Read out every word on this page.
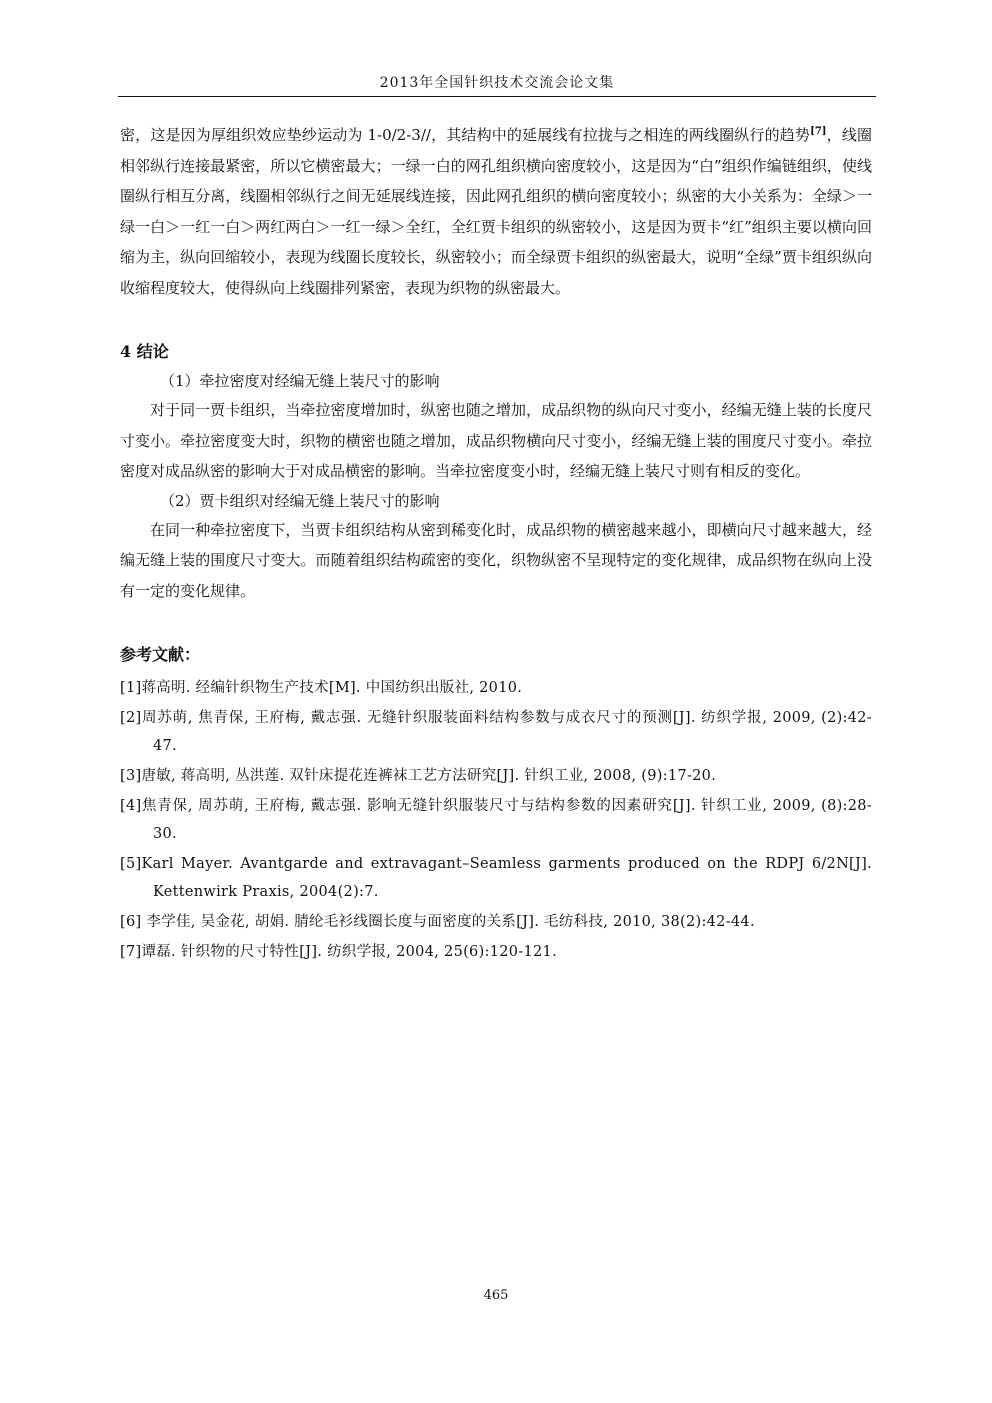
2013年全国针织技术交流会论文集

密，这是因为厚组织效应垫纱运动为 1-0/2-3//，其结构中的延展线有拉拢与之相连的两线圈纵行的趋势[7]，线圈相邻纵行连接最紧密，所以它横密最大；一绿一白的网孔组织横向密度较小，这是因为“白”组织作编链组织，使线圈纵行相互分离，线圈相邻纵行之间无延展线连接，因此网孔组织的横向密度较小；纵密的大小关系为：全绿＞一绿一白＞一红一白＞两红两白＞一红一绿＞全红，全红贾卡组织的纵密较小，这是因为贾卡“红”组织主要以横向回缩为主，纵向回缩较小，表现为线圈长度较长，纵密较小；而全绿贾卡组织的纵密最大，说明“全绿”贾卡组织纵向收缩程度较大，使得纵向上线圈排列紧密，表现为织物的纵密最大。

4 结论

（1）牵拉密度对经编无缝上装尺寸的影响

对于同一贾卡组织，当牵拉密度增加时，纵密也随之增加，成品织物的纵向尺寸变小，经编无缝上装的长度尺寸变小。牵拉密度变大时，织物的横密也随之增加，成品织物横向尺寸变小，经编无缝上装的围度尺寸变小。牵拉密度对成品纵密的影响大于对成品横密的影响。当牵拉密度变小时，经编无缝上装尺寸则有相反的变化。

（2）贾卡组织对经编无缝上装尺寸的影响

在同一种牵拉密度下，当贾卡组织结构从密到稀变化时，成品织物的横密越来越小，即横向尺寸越来越大，经编无缝上装的围度尺寸变大。而随着组织结构疏密的变化，织物纵密不呈现特定的变化规律，成品织物在纵向上没有一定的变化规律。

参考文献：

[1]蒋高明. 经编针织物生产技术[M]. 中国纺织出版社, 2010.

[2]周苏萌, 焦青保, 王府梅, 戴志强. 无缝针织服装面料结构参数与成衣尺寸的预测[J]. 纺织学报, 2009, (2):42-47.

[3]唐敏, 蒋高明, 丛洪莲. 双针床提花连裤袜工艺方法研究[J]. 针织工业, 2008, (9):17-20.

[4]焦青保, 周苏萌, 王府梅, 戴志强. 影响无缝针织服装尺寸与结构参数的因素研究[J]. 针织工业, 2009, (8):28-30.

[5]Karl Mayer. Avantgarde and extravagant–Seamless garments produced on the RDPJ 6/2N[J]. Kettenwirk Praxis, 2004(2):7.

[6] 李学佳, 吴金花, 胡娟. 腈纶毛衫线圈长度与面密度的关系[J]. 毛纺科技, 2010, 38(2):42-44.

[7]谭磊. 针织物的尺寸特性[J]. 纺织学报, 2004, 25(6):120-121.

465
